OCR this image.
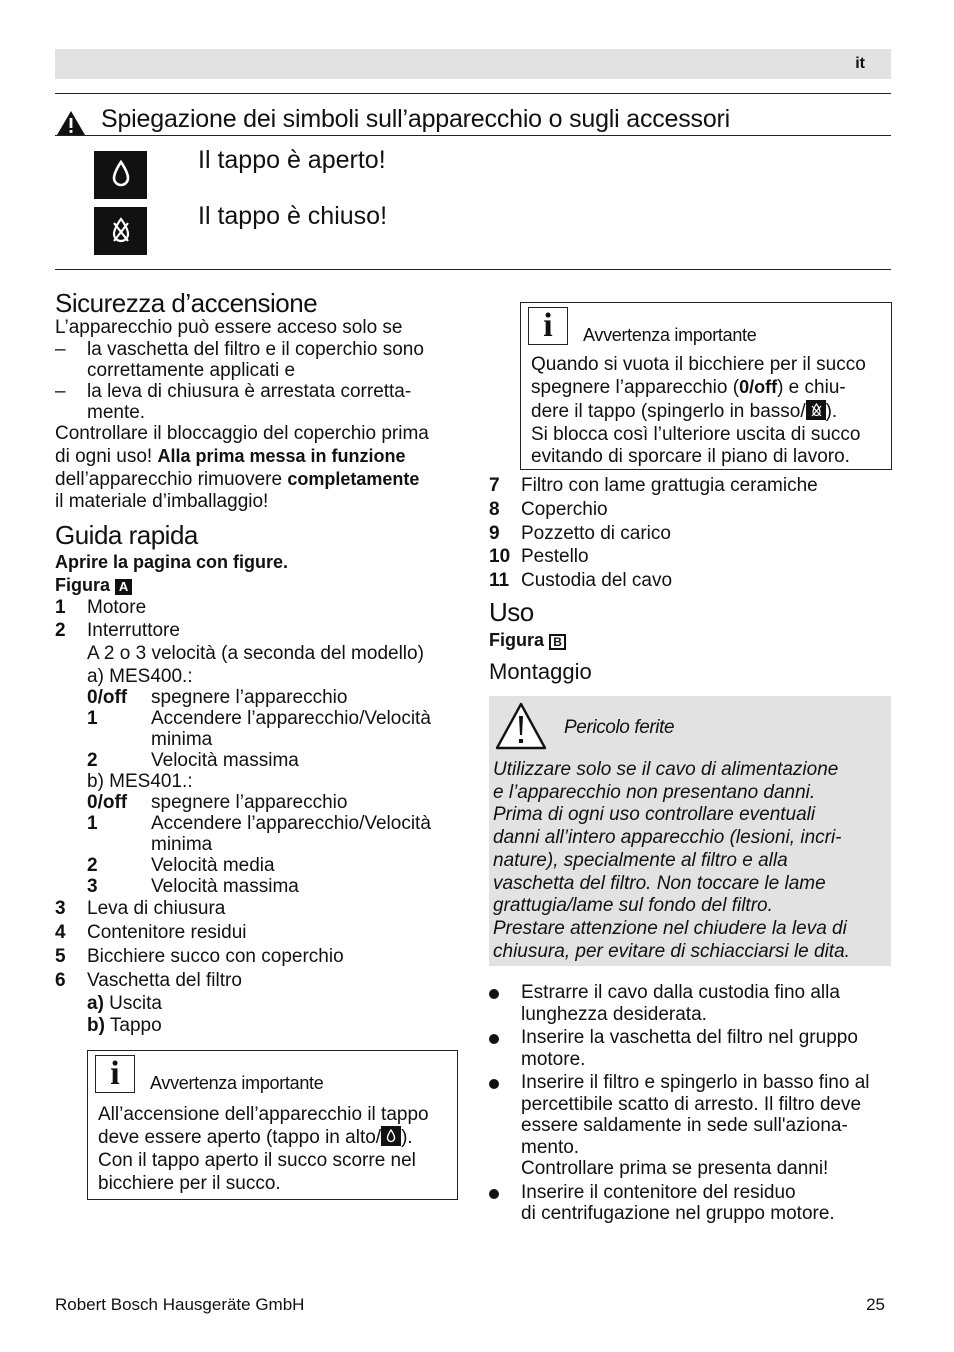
it
Spiegazione dei simboli sull’apparecchio o sugli accessori
Il tappo è aperto!
Il tappo è chiuso!
Sicurezza d’accensione
L’apparecchio può essere acceso solo se
–	la vaschetta del filtro e il coperchio sono
correttamente applicati e
–	la leva di chiusura è arrestata corretta-
mente.
Controllare il bloccaggio del coperchio prima
di ogni uso! Alla prima messa in funzione
dell’apparecchio rimuovere completamente
il materiale d’imballaggio!
Guida rapida
Aprire la pagina con figure.
Figura A
1 Motore
2 Interruttore
A 2 o 3 velocità (a seconda del modello)
a) MES400.:
0/off	spegnere l’apparecchio
1	Accendere l’apparecchio/Velocità
minima
2	Velocità massima
b) MES401.:
0/off	spegnere l’apparecchio
1	Accendere l’apparecchio/Velocità
minima
2	Velocità media
3	Velocità massima
3 Leva di chiusura
4 Contenitore residui
5 Bicchiere succo con coperchio
6 Vaschetta del filtro
a) Uscita
b) Tappo
i	Avvertenza importante
All’accensione dell’apparecchio il tappo
deve essere aperto (tappo in alto/ ).
Con il tappo aperto il succo scorre nel
bicchiere per il succo.
i	Avvertenza importante
Quando si vuota il bicchiere per il succo
spegnere l’apparecchio (0/off) e chiu-
dere il tappo (spingerlo in basso/ ).
Si blocca così l’ulteriore uscita di succo
evitando di sporcare il piano di lavoro.
7 Filtro con lame grattugia ceramiche
8 Coperchio
9 Pozzetto di carico
10 Pestello
11 Custodia del cavo
Uso
Figura B
Montaggio
Pericolo ferite
Utilizzare solo se il cavo di alimentazione
e l’apparecchio non presentano danni.
Prima di ogni uso controllare eventuali
danni all’intero apparecchio (lesioni, incri-
nature), specialmente al filtro e alla
vaschetta del filtro. Non toccare le lame
grattugia/lame sul fondo del filtro.
Prestare attenzione nel chiudere la leva di
chiusura, per evitare di schiacciarsi le dita.
Estrarre il cavo dalla custodia fino alla
lunghezza desiderata.
Inserire la vaschetta del filtro nel gruppo
motore.
Inserire il filtro e spingerlo in basso fino al
percettibile scatto di arresto. Il filtro deve
essere saldamente in sede sull'aziona-
mento.
Controllare prima se presenta danni!
Inserire il contenitore del residuo
di centrifugazione nel gruppo motore.
Robert Bosch Hausgeräte GmbH	25
